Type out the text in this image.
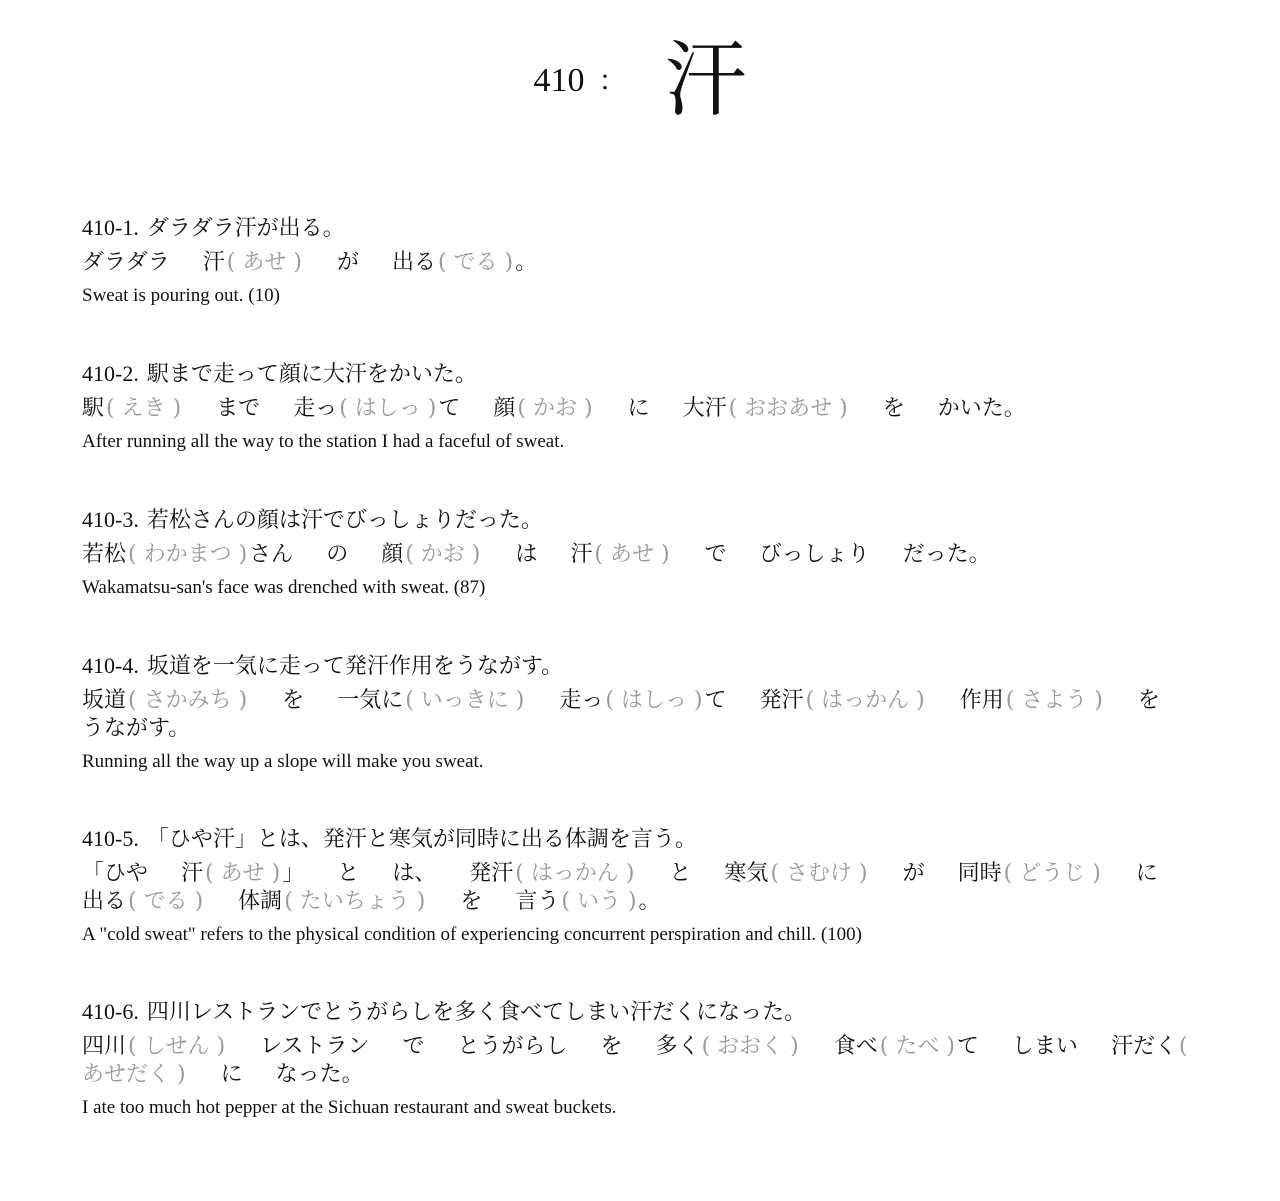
410 ： 汗
410-1. ダラダラ汗が出る。
ダラダラ 汗( あせ ) が 出る( でる )。
Sweat is pouring out. (10)
410-2. 駅まで走って顔に大汗をかいた。
駅( えき ) まで 走っ( はしっ )て 顔( かお ) に 大汗( おおあせ ) を かいた。
After running all the way to the station I had a faceful of sweat.
410-3. 若松さんの顔は汗でびっしょりだった。
若松( わかまつ )さん の 顔( かお ) は 汗( あせ ) で びっしょり だった。
Wakamatsu-san's face was drenched with sweat. (87)
410-4. 坂道を一気に走って発汗作用をうながす。
坂道( さかみち ) を 一気に( いっきに ) 走っ( はしっ )て 発汗( はっかん ) 作用( さよう ) を うながす。
Running all the way up a slope will make you sweat.
410-5. 「ひや汗」とは、発汗と寒気が同時に出る体調を言う。
「ひや 汗( あせ )」 と は、 発汗( はっかん ) と 寒気( さむけ ) が 同時( どうじ ) に 出る( でる ) 体調( たいちょう ) を 言う( いう )。
A "cold sweat" refers to the physical condition of experiencing concurrent perspiration and chill. (100)
410-6. 四川レストランでとうがらしを多く食べてしまい汗だくになった。
四川( しせん ) レストラン で とうがらし を 多く( おおく ) 食べ( たべ )て しまい 汗だく( あせだく ) に なった。
I ate too much hot pepper at the Sichuan restaurant and sweat buckets.
